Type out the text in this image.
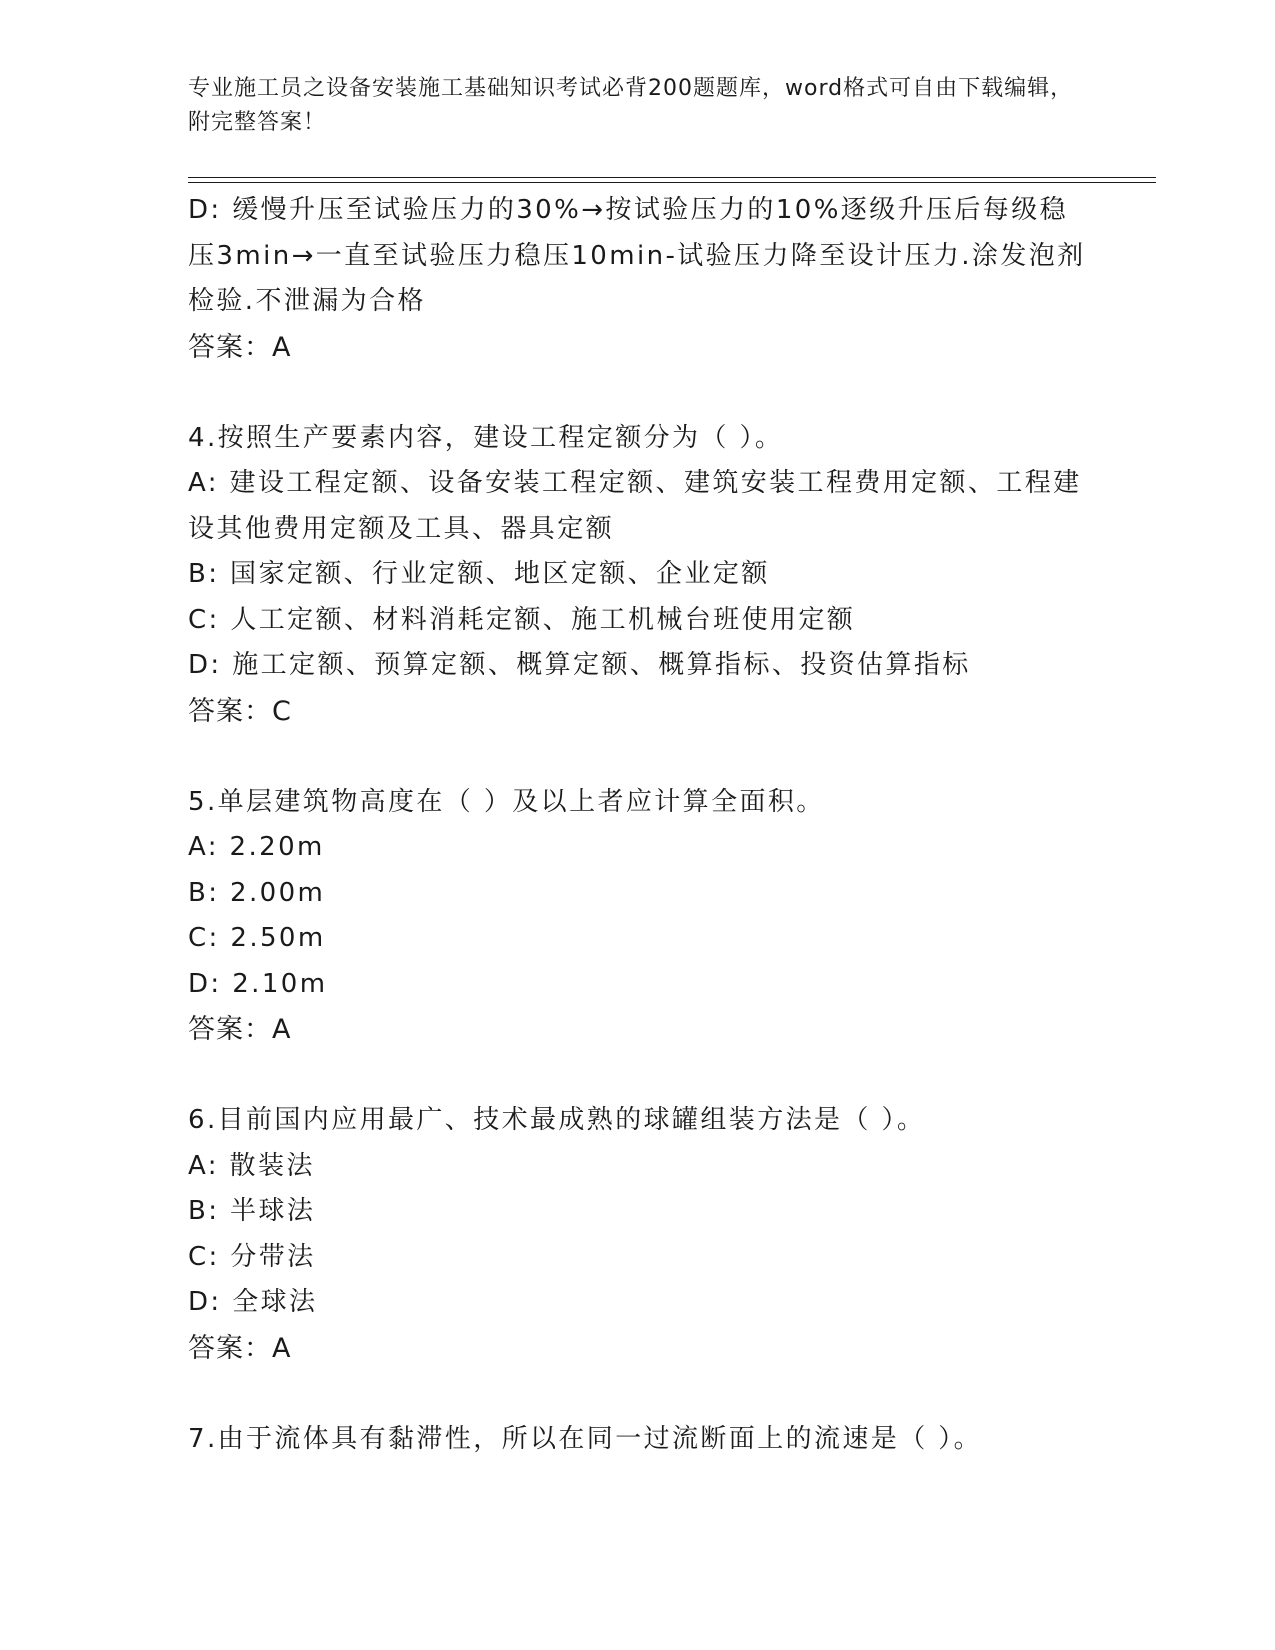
专业施工员之设备安装施工基础知识考试必背200题题库，word格式可自由下载编辑，附完整答案！
D: 缓慢升压至试验压力的30%→按试验压力的10%逐级升压后每级稳压3min→一直至试验压力稳压10min-试验压力降至设计压力.涂发泡剂检验.不泄漏为合格
答案：A
4.按照生产要素内容，建设工程定额分为（ ）。
A: 建设工程定额、设备安装工程定额、建筑安装工程费用定额、工程建设其他费用定额及工具、器具定额
B: 国家定额、行业定额、地区定额、企业定额
C: 人工定额、材料消耗定额、施工机械台班使用定额
D: 施工定额、预算定额、概算定额、概算指标、投资估算指标
答案：C
5.单层建筑物高度在（ ）及以上者应计算全面积。
A: 2.20m
B: 2.00m
C: 2.50m
D: 2.10m
答案：A
6.目前国内应用最广、技术最成熟的球罐组装方法是（ ）。
A: 散装法
B: 半球法
C: 分带法
D: 全球法
答案：A
7.由于流体具有黏滞性，所以在同一过流断面上的流速是（ ）。
